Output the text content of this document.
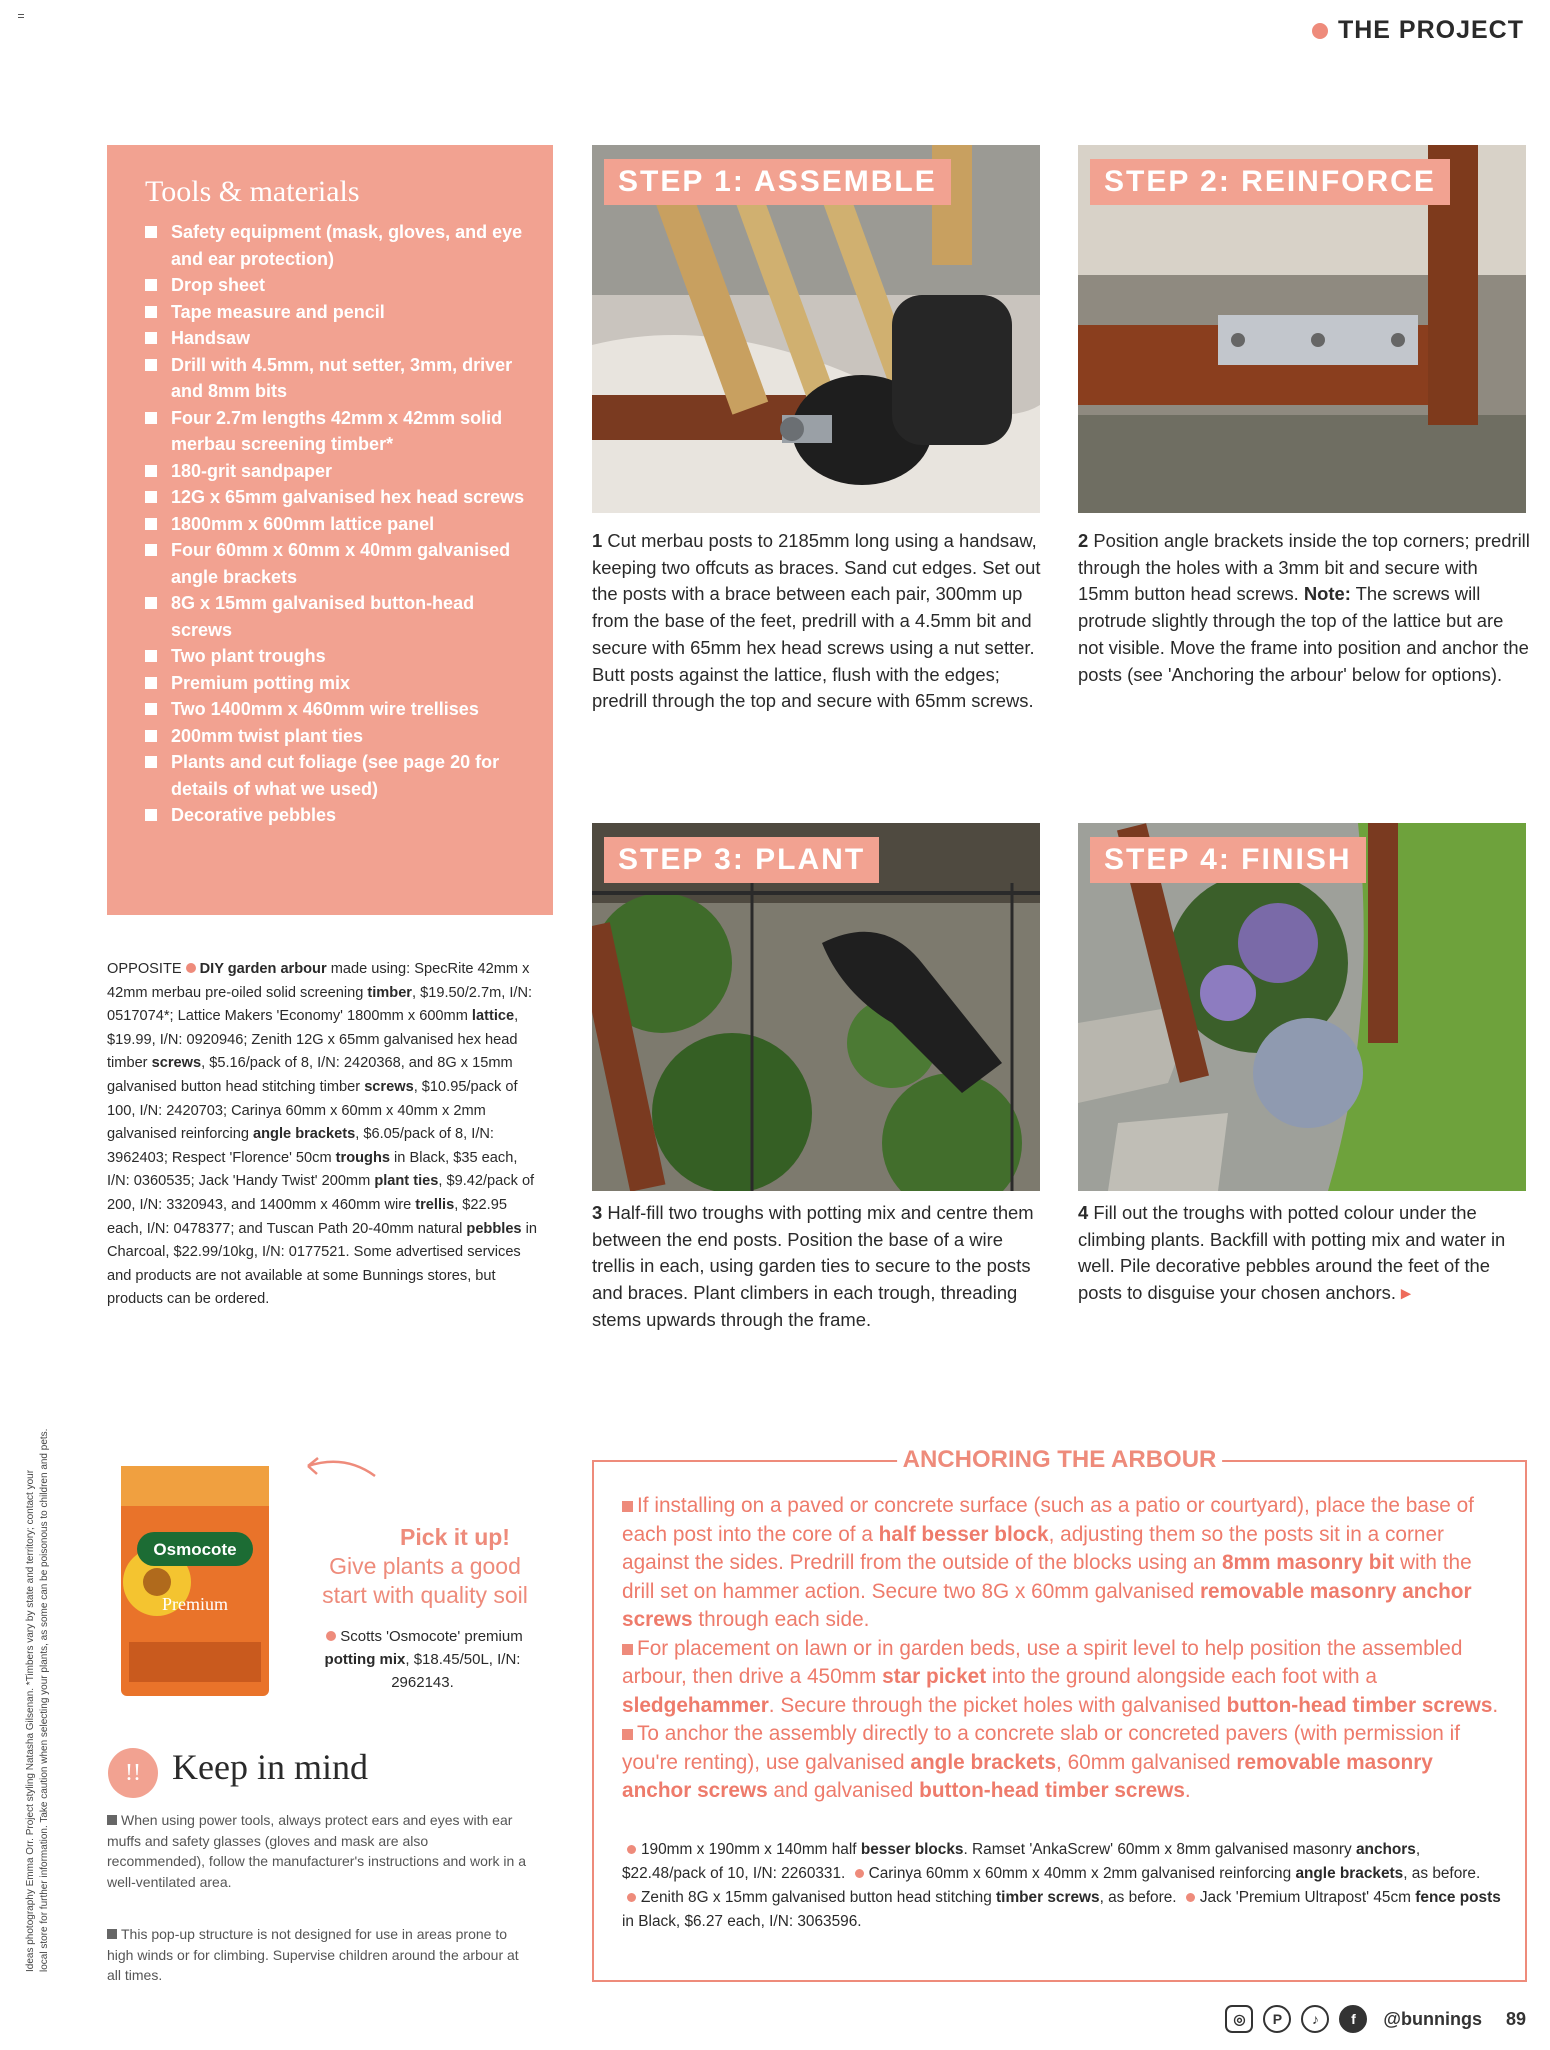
THE PROJECT
Tools & materials
Safety equipment (mask, gloves, and eye and ear protection)
Drop sheet
Tape measure and pencil
Handsaw
Drill with 4.5mm, nut setter, 3mm, driver and 8mm bits
Four 2.7m lengths 42mm x 42mm solid merbau screening timber*
180-grit sandpaper
12G x 65mm galvanised hex head screws
1800mm x 600mm lattice panel
Four 60mm x 60mm x 40mm galvanised angle brackets
8G x 15mm galvanised button-head screws
Two plant troughs
Premium potting mix
Two 1400mm x 460mm wire trellises
200mm twist plant ties
Plants and cut foliage (see page 20 for details of what we used)
Decorative pebbles
OPPOSITE DIY garden arbour made using: SpecRite 42mm x 42mm merbau pre-oiled solid screening timber, $19.50/2.7m, I/N: 0517074*; Lattice Makers 'Economy' 1800mm x 600mm lattice, $19.99, I/N: 0920946; Zenith 12G x 65mm galvanised hex head timber screws, $5.16/pack of 8, I/N: 2420368, and 8G x 15mm galvanised button head stitching timber screws, $10.95/pack of 100, I/N: 2420703; Carinya 60mm x 60mm x 40mm x 2mm galvanised reinforcing angle brackets, $6.05/pack of 8, I/N: 3962403; Respect 'Florence' 50cm troughs in Black, $35 each, I/N: 0360535; Jack 'Handy Twist' 200mm plant ties, $9.42/pack of 200, I/N: 3320943, and 1400mm x 460mm wire trellis, $22.95 each, I/N: 0478377; and Tuscan Path 20-40mm natural pebbles in Charcoal, $22.99/10kg, I/N: 0177521. Some advertised services and products are not available at some Bunnings stores, but products can be ordered.
STEP 1: ASSEMBLE	STEP 2: REINFORCE
STEP 3: PLANT	STEP 4: FINISH
1 Cut merbau posts to 2185mm long using a handsaw, keeping two offcuts as braces. Sand cut edges. Set out the posts with a brace between each pair, 300mm up from the base of the feet, predrill with a 4.5mm bit and secure with 65mm hex head screws using a nut setter. Butt posts against the lattice, flush with the edges; predrill through the top and secure with 65mm screws.
2 Position angle brackets inside the top corners; predrill through the holes with a 3mm bit and secure with 15mm button head screws. Note: The screws will protrude slightly through the top of the lattice but are not visible. Move the frame into position and anchor the posts (see 'Anchoring the arbour' below for options).
3 Half-fill two troughs with potting mix and centre them between the end posts. Position the base of a wire trellis in each, using garden ties to secure to the posts and braces. Plant climbers in each trough, threading stems upwards through the frame.
4 Fill out the troughs with potted colour under the climbing plants. Backfill with potting mix and water in well. Pile decorative pebbles around the feet of the posts to disguise your chosen anchors. ▸
Osmocote
Premium
Pick it up!
Give plants a good start with quality soil
Scotts 'Osmocote' premium potting mix, $18.45/50L, I/N: 2962143.
!! Keep in mind
When using power tools, always protect ears and eyes with ear muffs and safety glasses (gloves and mask are also recommended), follow the manufacturer's instructions and work in a well-ventilated area.
This pop-up structure is not designed for use in areas prone to high winds or for climbing. Supervise children around the arbour at all times.
Ideas photography Emma Orr. Project styling Natasha Gilsenan. *Timbers vary by state and territory; contact your local store for further information. Take caution when selecting your plants, as some can be poisonous to children and pets.	ANCHORING THE ARBOUR

If installing on a paved or concrete surface (such as a patio or courtyard), place the base of each post into the core of a half besser block, adjusting them so the posts sit in a corner against the sides. Predrill from the outside of the blocks using an 8mm masonry bit with the drill set on hammer action. Secure two 8G x 60mm galvanised removable masonry anchor screws through each side.

For placement on lawn or in garden beds, use a spirit level to help position the assembled arbour, then drive a 450mm star picket into the ground alongside each foot with a sledgehammer. Secure through the picket holes with galvanised button-head timber screws.

To anchor the assembly directly to a concrete slab or concreted pavers (with permission if you're renting), use galvanised angle brackets, 60mm galvanised removable masonry anchor screws and galvanised button-head timber screws.

190mm x 190mm x 140mm half besser blocks. Ramset 'AnkaScrew' 60mm x 8mm galvanised masonry anchors, $22.48/pack of 10, I/N: 2260331. Carinya 60mm x 60mm x 40mm x 2mm galvanised reinforcing angle brackets, as before. Zenith 8G x 15mm galvanised button head stitching timber screws, as before. Jack 'Premium Ultrapost' 45cm fence posts in Black, $6.27 each, I/N: 3063596.
◎	P	♪	f	@bunnings 89
